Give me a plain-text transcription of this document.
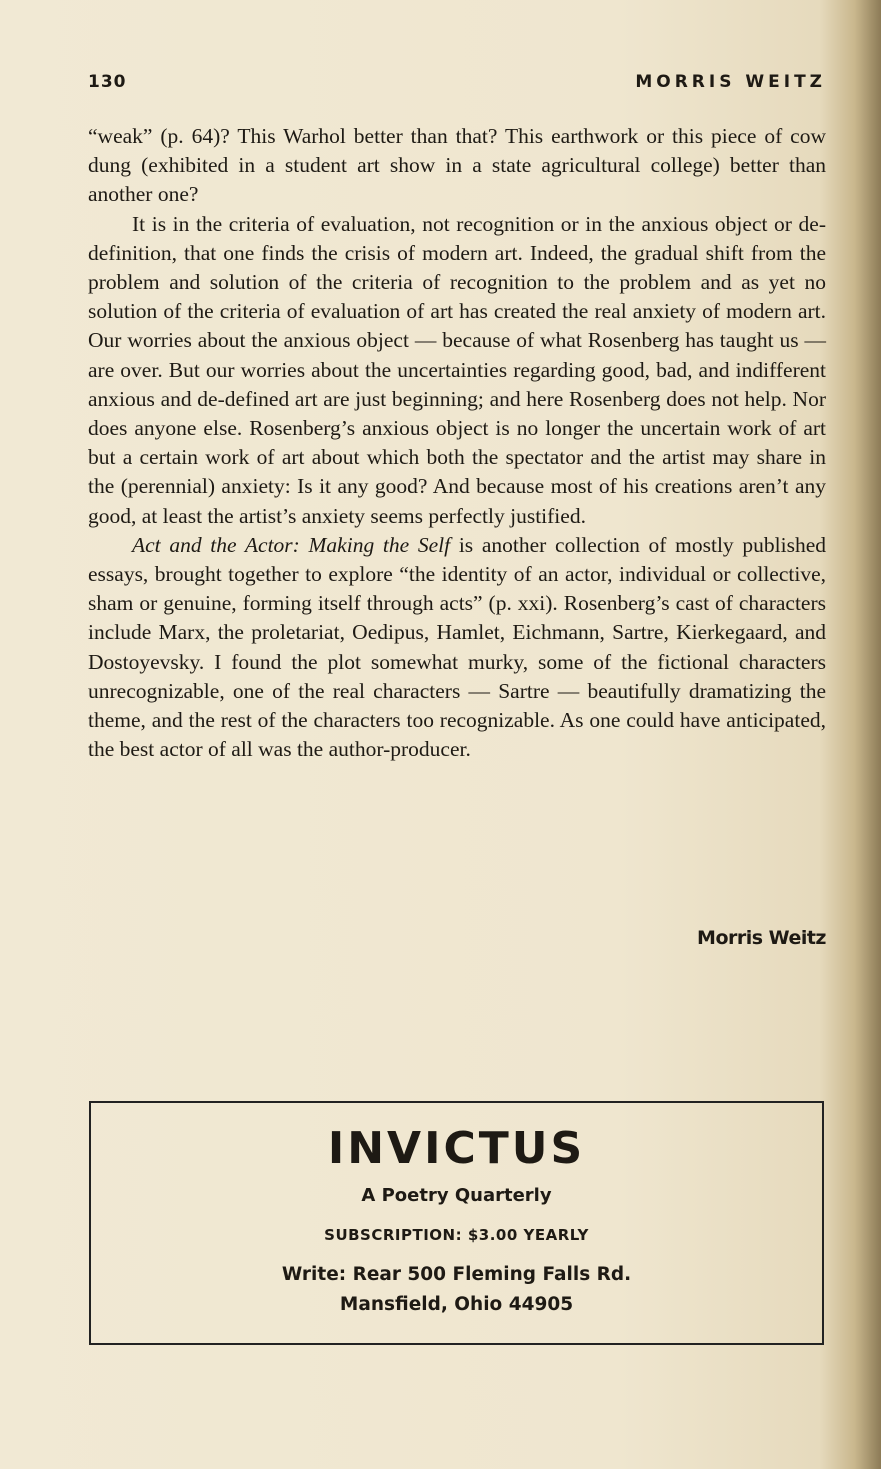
130	MORRIS WEITZ

“weak” (p. 64)? This Warhol better than that? This earthwork or this piece of cow dung (exhibited in a student art show in a state agricultural college) better than another one?

It is in the criteria of evaluation, not recognition or in the anxious object or de-definition, that one finds the crisis of modern art. Indeed, the gradual shift from the problem and solution of the criteria of recognition to the problem and as yet no solution of the criteria of evaluation of art has created the real anxiety of modern art. Our worries about the anxious object — because of what Rosenberg has taught us — are over. But our worries about the uncertainties regarding good, bad, and indifferent anxious and de-defined art are just beginning; and here Rosenberg does not help. Nor does anyone else. Rosenberg’s anxious object is no longer the uncertain work of art but a certain work of art about which both the spectator and the artist may share in the (perennial) anxiety: Is it any good? And because most of his creations aren’t any good, at least the artist’s anxiety seems perfectly justified.

Act and the Actor: Making the Self is another collection of mostly published essays, brought together to explore “the identity of an actor, individual or collective, sham or genuine, forming itself through acts” (p. xxi). Rosenberg’s cast of characters include Marx, the proletariat, Oedipus, Hamlet, Eichmann, Sartre, Kierkegaard, and Dostoyevsky. I found the plot somewhat murky, some of the fictional characters unrecognizable, one of the real characters — Sartre — beautifully dramatizing the theme, and the rest of the characters too recognizable. As one could have anticipated, the best actor of all was the author-producer.

Morris Weitz
INVICTUS
A Poetry Quarterly
SUBSCRIPTION: $3.00 YEARLY
Write: Rear 500 Fleming Falls Rd.
Mansfield, Ohio 44905
